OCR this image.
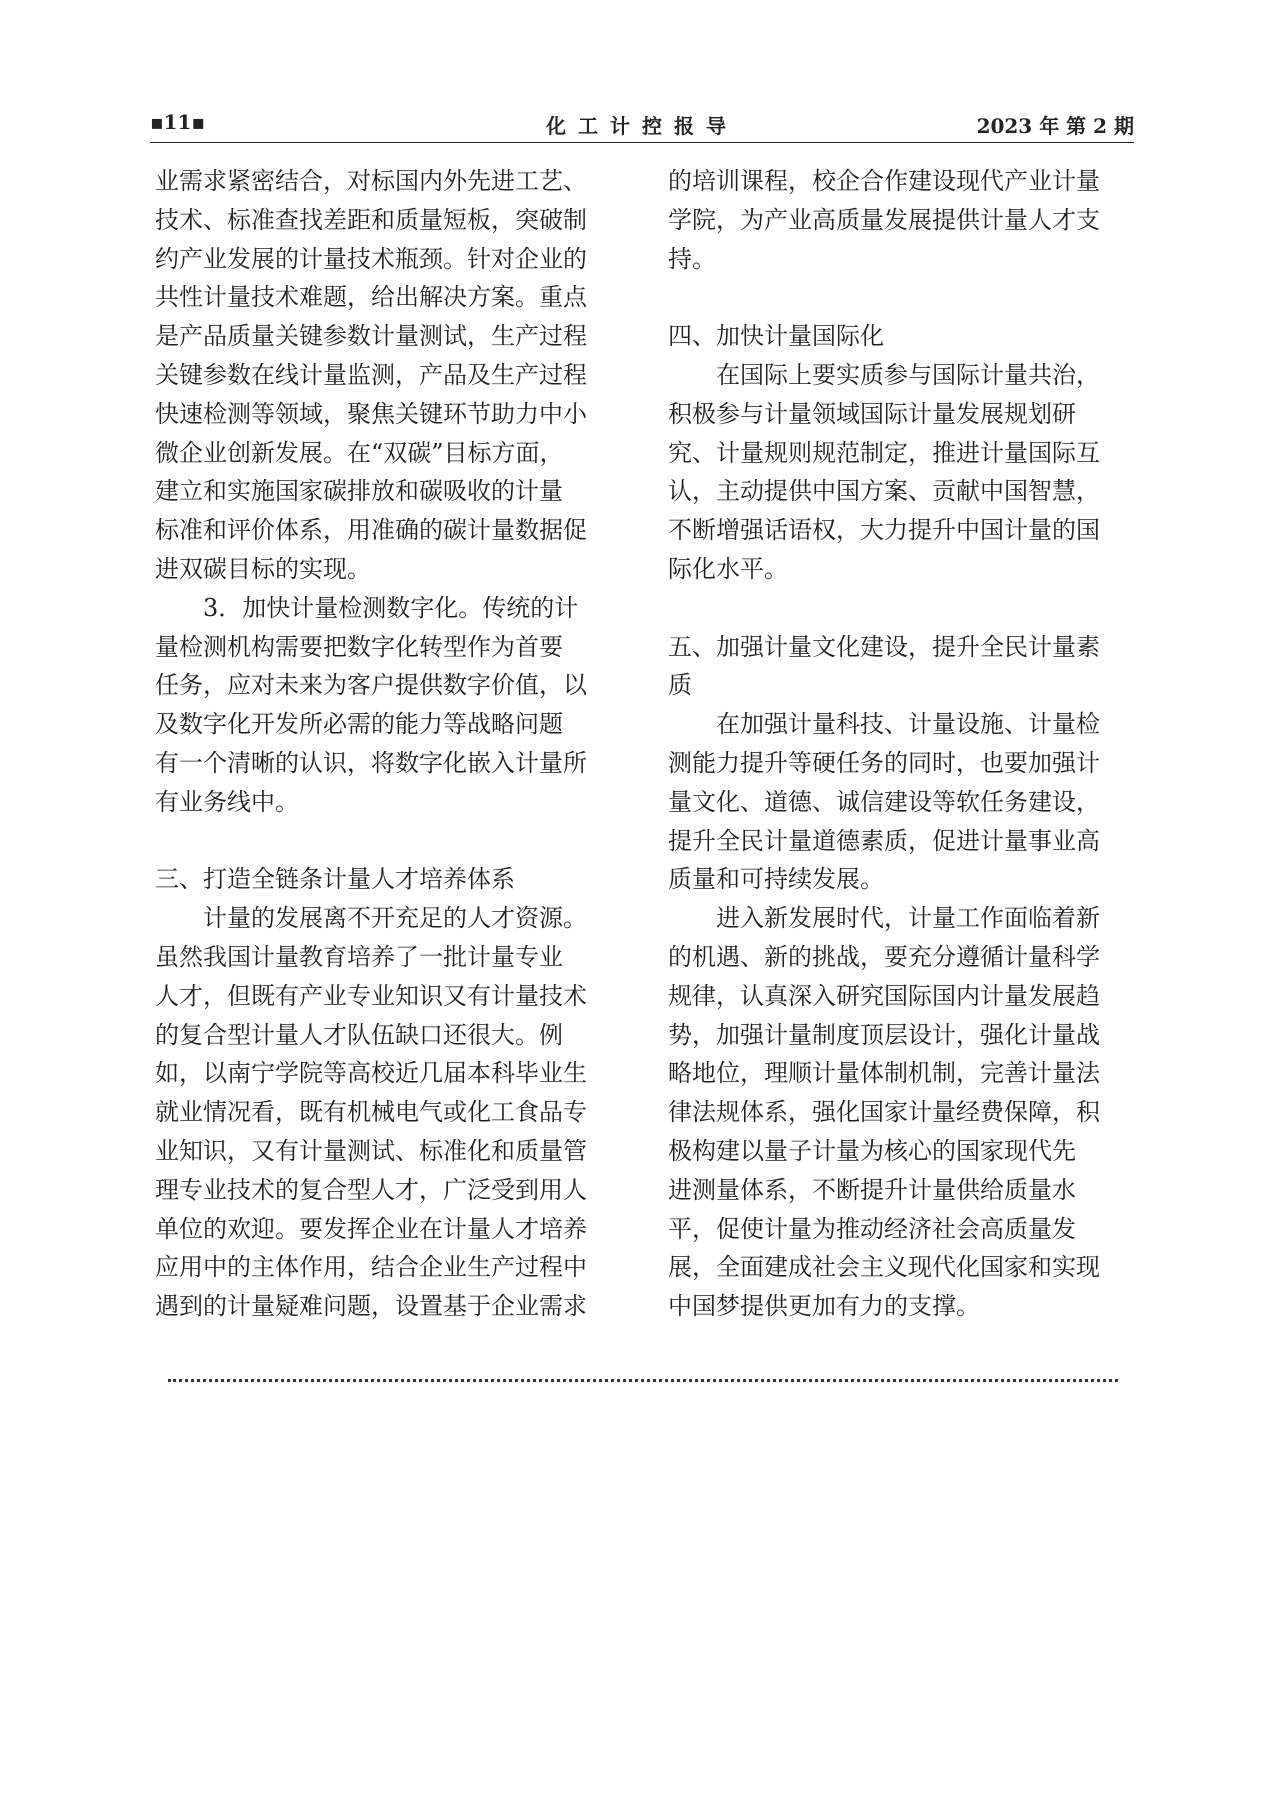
▪11▪	化工计控报导	2023 年 第 2 期
业需求紧密结合，对标国内外先进工艺、
技术、标准查找差距和质量短板，突破制
约产业发展的计量技术瓶颈。针对企业的
共性计量技术难题，给出解决方案。重点
是产品质量关键参数计量测试，生产过程
关键参数在线计量监测，产品及生产过程
快速检测等领域，聚焦关键环节助力中小
微企业创新发展。在“双碳”目标方面，
建立和实施国家碳排放和碳吸收的计量
标准和评价体系，用准确的碳计量数据促
进双碳目标的实现。
　　3．加快计量检测数字化。传统的计
量检测机构需要把数字化转型作为首要
任务，应对未来为客户提供数字价值，以
及数字化开发所必需的能力等战略问题
有一个清晰的认识，将数字化嵌入计量所
有业务线中。
三、打造全链条计量人才培养体系
　　计量的发展离不开充足的人才资源。
虽然我国计量教育培养了一批计量专业
人才，但既有产业专业知识又有计量技术
的复合型计量人才队伍缺口还很大。例
如，以南宁学院等高校近几届本科毕业生
就业情况看，既有机械电气或化工食品专
业知识，又有计量测试、标准化和质量管
理专业技术的复合型人才，广泛受到用人
单位的欢迎。要发挥企业在计量人才培养
应用中的主体作用，结合企业生产过程中
遇到的计量疑难问题，设置基于企业需求
的培训课程，校企合作建设现代产业计量
学院，为产业高质量发展提供计量人才支
持。
四、加快计量国际化
　　在国际上要实质参与国际计量共治，
积极参与计量领域国际计量发展规划研
究、计量规则规范制定，推进计量国际互
认，主动提供中国方案、贡献中国智慧，
不断增强话语权，大力提升中国计量的国
际化水平。
五、加强计量文化建设，提升全民计量素
质
　　在加强计量科技、计量设施、计量检
测能力提升等硬任务的同时，也要加强计
量文化、道德、诚信建设等软任务建设，
提升全民计量道德素质，促进计量事业高
质量和可持续发展。
　　进入新发展时代，计量工作面临着新
的机遇、新的挑战，要充分遵循计量科学
规律，认真深入研究国际国内计量发展趋
势，加强计量制度顶层设计，强化计量战
略地位，理顺计量体制机制，完善计量法
律法规体系，强化国家计量经费保障，积
极构建以量子计量为核心的国家现代先
进测量体系，不断提升计量供给质量水
平，促使计量为推动经济社会高质量发
展，全面建成社会主义现代化国家和实现
中国梦提供更加有力的支撑。
